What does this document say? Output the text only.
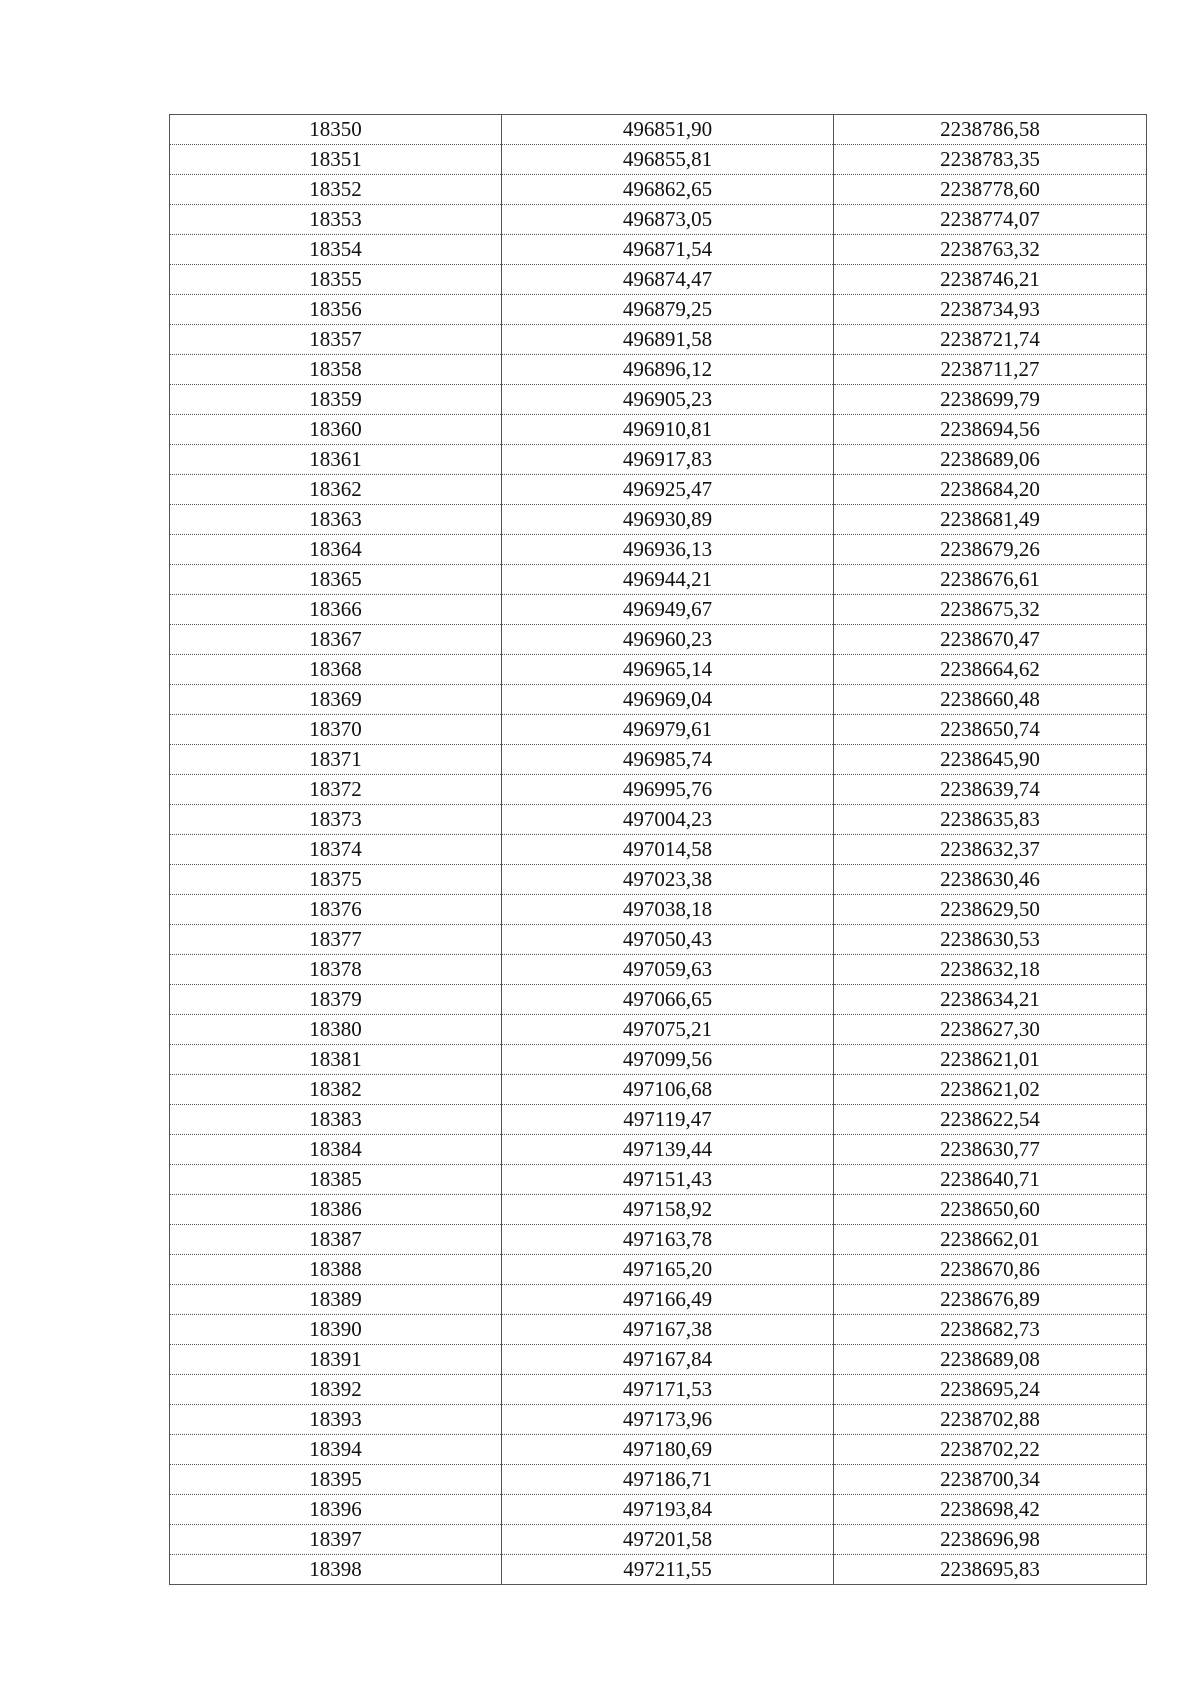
18350	496851,90	2238786,58
18351	496855,81	2238783,35
18352	496862,65	2238778,60
18353	496873,05	2238774,07
18354	496871,54	2238763,32
18355	496874,47	2238746,21
18356	496879,25	2238734,93
18357	496891,58	2238721,74
18358	496896,12	2238711,27
18359	496905,23	2238699,79
18360	496910,81	2238694,56
18361	496917,83	2238689,06
18362	496925,47	2238684,20
18363	496930,89	2238681,49
18364	496936,13	2238679,26
18365	496944,21	2238676,61
18366	496949,67	2238675,32
18367	496960,23	2238670,47
18368	496965,14	2238664,62
18369	496969,04	2238660,48
18370	496979,61	2238650,74
18371	496985,74	2238645,90
18372	496995,76	2238639,74
18373	497004,23	2238635,83
18374	497014,58	2238632,37
18375	497023,38	2238630,46
18376	497038,18	2238629,50
18377	497050,43	2238630,53
18378	497059,63	2238632,18
18379	497066,65	2238634,21
18380	497075,21	2238627,30
18381	497099,56	2238621,01
18382	497106,68	2238621,02
18383	497119,47	2238622,54
18384	497139,44	2238630,77
18385	497151,43	2238640,71
18386	497158,92	2238650,60
18387	497163,78	2238662,01
18388	497165,20	2238670,86
18389	497166,49	2238676,89
18390	497167,38	2238682,73
18391	497167,84	2238689,08
18392	497171,53	2238695,24
18393	497173,96	2238702,88
18394	497180,69	2238702,22
18395	497186,71	2238700,34
18396	497193,84	2238698,42
18397	497201,58	2238696,98
18398	497211,55	2238695,83
